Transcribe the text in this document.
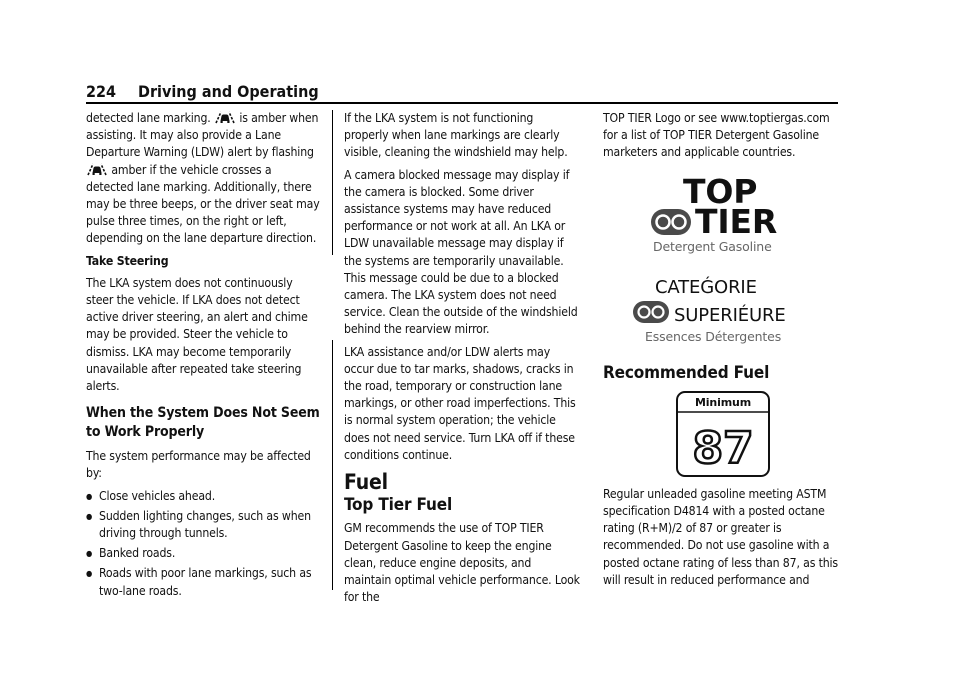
224 Driving and Operating

detected lane marking. is amber when assisting. It may also provide a Lane Departure Warning (LDW) alert by flashing  amber if the vehicle crosses a detected lane marking. Additionally, there may be three beeps, or the driver seat may pulse three times, on the right or left, depending on the lane departure direction.

Take Steering

The LKA system does not continuously steer the vehicle. If LKA does not detect active driver steering, an alert and chime may be provided. Steer the vehicle to dismiss. LKA may become temporarily unavailable after repeated take steering alerts.

When the System Does Not Seem to Work Properly

The system performance may be affected by:

● Close vehicles ahead.
● Sudden lighting changes, such as when driving through tunnels.
● Banked roads.
● Roads with poor lane markings, such as two-lane roads.

If the LKA system is not functioning properly when lane markings are clearly visible, cleaning the windshield may help.

A camera blocked message may display if the camera is blocked. Some driver assistance systems may have reduced performance or not work at all. An LKA or LDW unavailable message may display if the systems are temporarily unavailable. This message could be due to a blocked camera. The LKA system does not need service. Clean the outside of the windshield behind the rearview mirror.

LKA assistance and/or LDW alerts may occur due to tar marks, shadows, cracks in the road, temporary or construction lane markings, or other road imperfections. This is normal system operation; the vehicle does not need service. Turn LKA off if these conditions continue.

Fuel
Top Tier Fuel

GM recommends the use of TOP TIER Detergent Gasoline to keep the engine clean, reduce engine deposits, and maintain optimal vehicle performance. Look for the

TOP TIER Logo or see www.toptiergas.com for a list of TOP TIER Detergent Gasoline marketers and applicable countries.

TOP
TIER
Detergent Gasoline
CATEǴORIE
SUPERIÉURE
Essences Détergentes
Recommended Fuel
Minimum
87

Regular unleaded gasoline meeting ASTM specification D4814 with a posted octane rating (R+M)/2 of 87 or greater is recommended. Do not use gasoline with a posted octane rating of less than 87, as this will result in reduced performance and
